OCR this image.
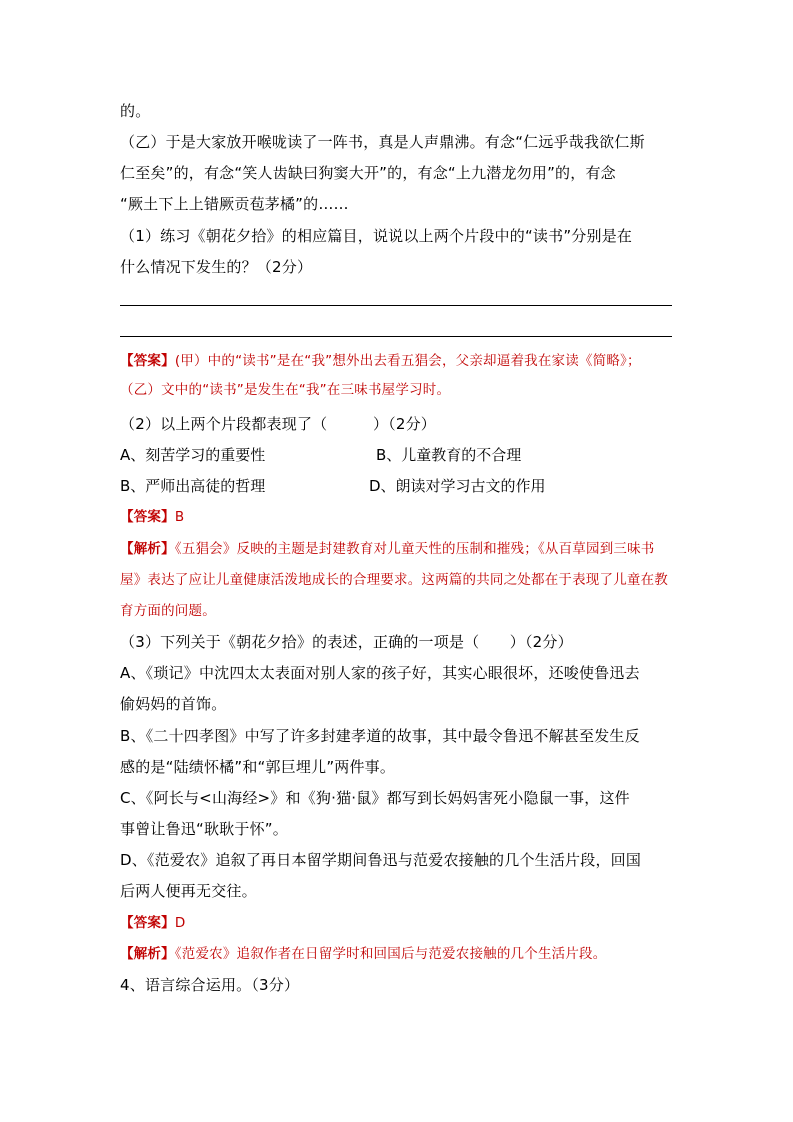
的。
（乙）于是大家放开喉咙读了一阵书，真是人声鼎沸。有念“仁远乎哉我欲仁斯
仁至矣”的，有念“笑人齿缺曰狗窦大开”的，有念“上九潜龙勿用”的，有念
“厥土下上上错厥贡苞茅橘”的……
（1）练习《朝花夕拾》的相应篇目，说说以上两个片段中的“读书”分别是在
什么情况下发生的？（2分）
【答案】(甲）中的“读书”是在“我”想外出去看五猖会，父亲却逼着我在家读《简略》；
（乙）文中的“读书”是发生在“我”在三味书屋学习时。
（2）以上两个片段都表现了（　　　）（2分）
A、刻苦学习的重要性	B、儿童教育的不合理
B、严师出高徒的哲理	D、朗读对学习古文的作用
【答案】B
【解析】《五猖会》反映的主题是封建教育对儿童天性的压制和摧残；《从百草园到三味书
屋》表达了应让儿童健康活泼地成长的合理要求。这两篇的共同之处都在于表现了儿童在教
育方面的问题。
（3）下列关于《朝花夕拾》的表述，正确的一项是（　　）（2分）
A、《琐记》中沈四太太表面对别人家的孩子好，其实心眼很坏，还唆使鲁迅去
偷妈妈的首饰。
B、《二十四孝图》中写了许多封建孝道的故事，其中最令鲁迅不解甚至发生反
感的是“陆绩怀橘”和“郭巨埋儿”两件事。
C、《阿长与<山海经>》和《狗·猫·鼠》都写到长妈妈害死小隐鼠一事，这件
事曾让鲁迅“耿耿于怀”。
D、《范爱农》追叙了再日本留学期间鲁迅与范爱农接触的几个生活片段，回国
后两人便再无交往。
【答案】D
【解析】《范爱农》追叙作者在日留学时和回国后与范爱农接触的几个生活片段。
4、语言综合运用。（3分）
